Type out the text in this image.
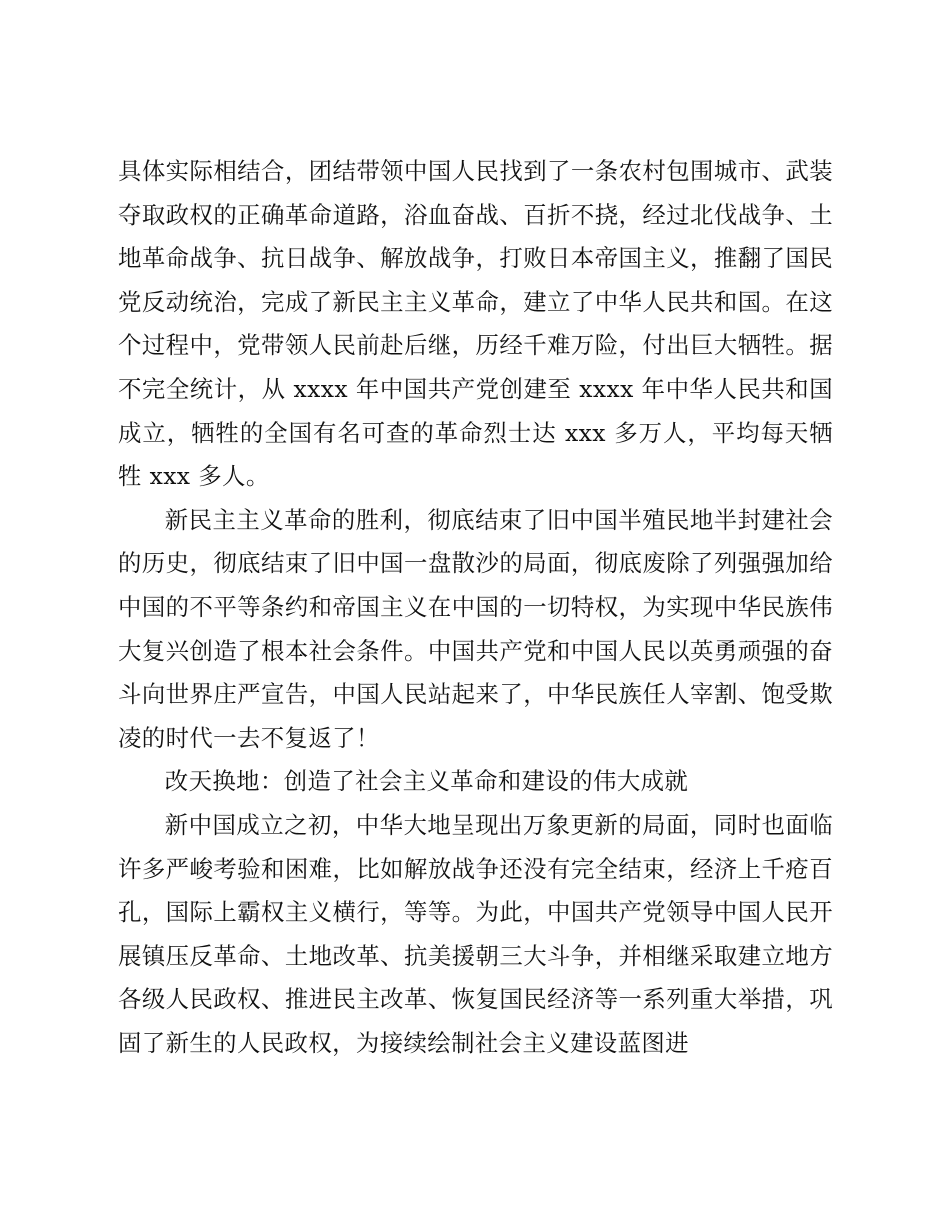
具体实际相结合，团结带领中国人民找到了一条农村包围城市、武装夺取政权的正确革命道路，浴血奋战、百折不挠，经过北伐战争、土地革命战争、抗日战争、解放战争，打败日本帝国主义，推翻了国民党反动统治，完成了新民主主义革命，建立了中华人民共和国。在这个过程中，党带领人民前赴后继，历经千难万险，付出巨大牺牲。据不完全统计，从 xxxx 年中国共产党创建至 xxxx 年中华人民共和国成立，牺牲的全国有名可查的革命烈士达 xxx 多万人，平均每天牺牲 xxx 多人。

新民主主义革命的胜利，彻底结束了旧中国半殖民地半封建社会的历史，彻底结束了旧中国一盘散沙的局面，彻底废除了列强强加给中国的不平等条约和帝国主义在中国的一切特权，为实现中华民族伟大复兴创造了根本社会条件。中国共产党和中国人民以英勇顽强的奋斗向世界庄严宣告，中国人民站起来了，中华民族任人宰割、饱受欺凌的时代一去不复返了！

改天换地：创造了社会主义革命和建设的伟大成就

新中国成立之初，中华大地呈现出万象更新的局面，同时也面临许多严峻考验和困难，比如解放战争还没有完全结束，经济上千疮百孔，国际上霸权主义横行，等等。为此，中国共产党领导中国人民开展镇压反革命、土地改革、抗美援朝三大斗争，并相继采取建立地方各级人民政权、推进民主改革、恢复国民经济等一系列重大举措，巩固了新生的人民政权，为接续绘制社会主义建设蓝图进
